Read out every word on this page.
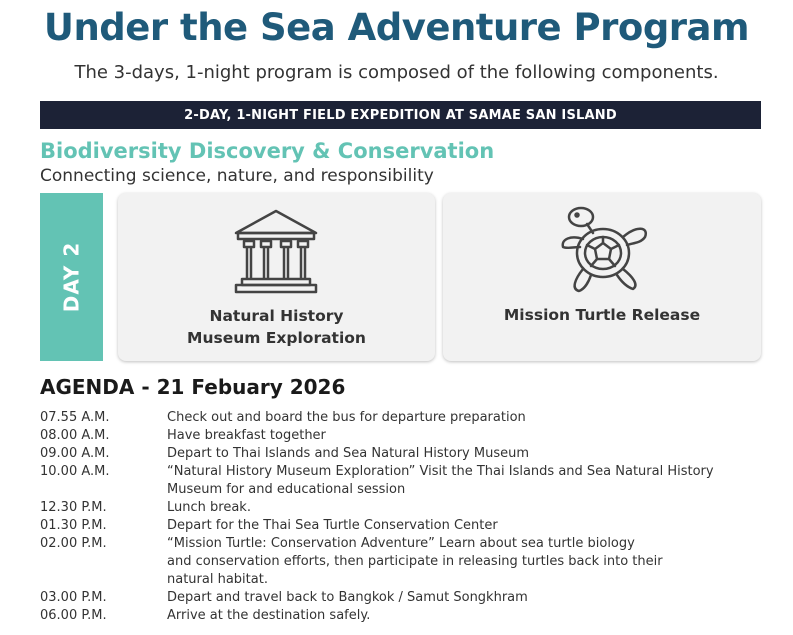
Under the Sea Adventure Program
The 3-days, 1-night program is composed of the following components.
2-DAY, 1-NIGHT FIELD EXPEDITION AT SAMAE SAN ISLAND
Biodiversity Discovery & Conservation
Connecting science, nature, and responsibility
DAY 2
Natural History
Museum Exploration
Mission Turtle Release
AGENDA - 21 Febuary 2026
07.55 A.M.	Check out and board the bus for departure preparation
08.00 A.M.	Have breakfast together
09.00 A.M.	Depart to Thai Islands and Sea Natural History Museum
10.00 A.M.	“Natural History Museum Exploration” Visit the Thai Islands and Sea Natural History
Museum for and educational session
12.30 P.M.	Lunch break.
01.30 P.M.	Depart for the Thai Sea Turtle Conservation Center
02.00 P.M.	“Mission Turtle: Conservation Adventure” Learn about sea turtle biology
and conservation efforts, then participate in releasing turtles back into their
natural habitat.
03.00 P.M.	Depart and travel back to Bangkok / Samut Songkhram
06.00 P.M.	Arrive at the destination safely.
